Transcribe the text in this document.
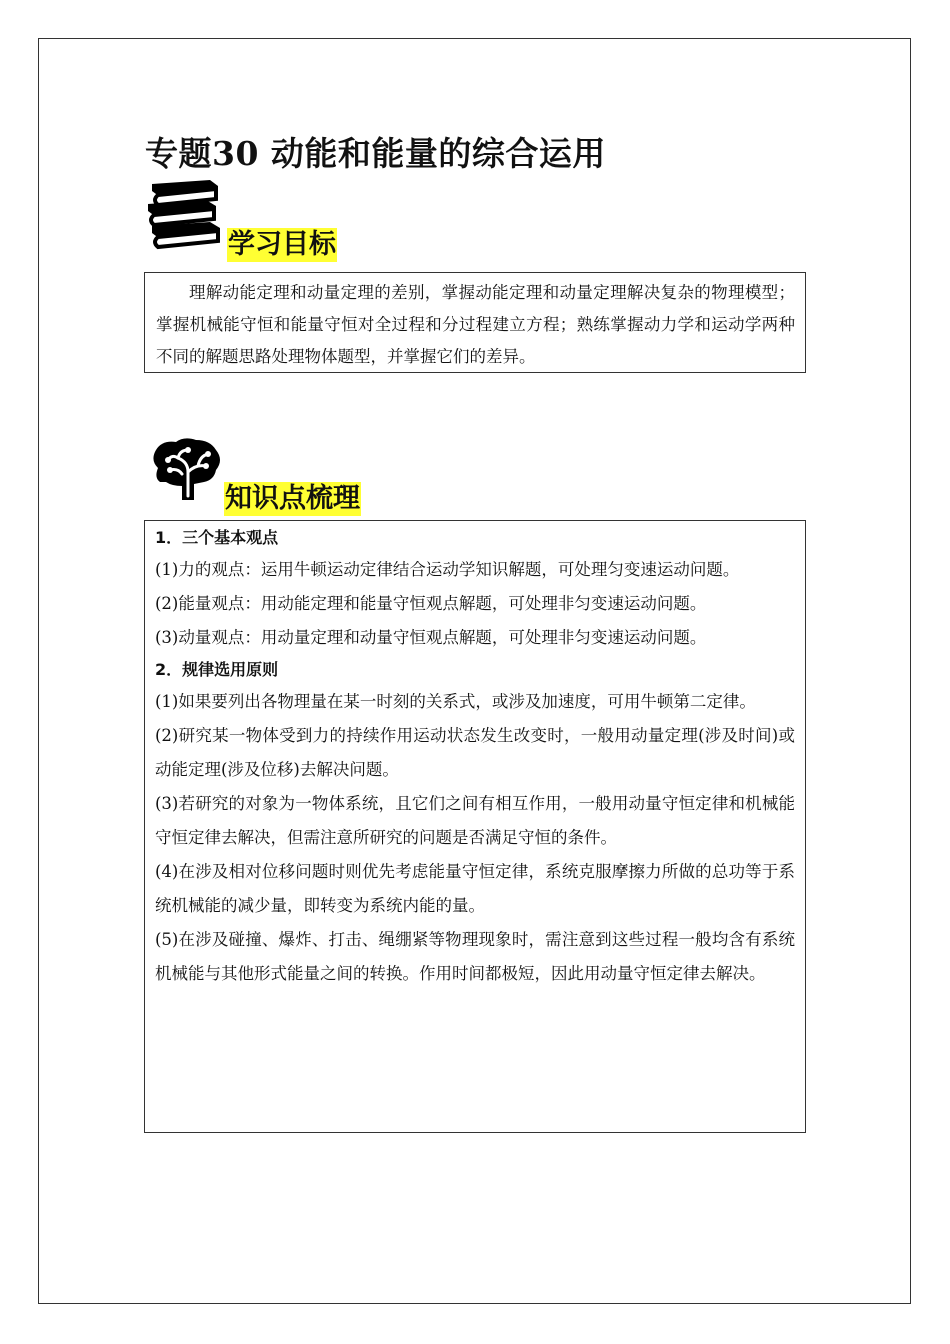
专题30 动能和能量的综合运用
学习目标

理解动能定理和动量定理的差别，掌握动能定理和动量定理解决复杂的物理模型；掌握机械能守恒和能量守恒对全过程和分过程建立方程；熟练掌握动力学和运动学两种不同的解题思路处理物体题型，并掌握它们的差异。

知识点梳理

1．三个基本观点

(1)力的观点：运用牛顿运动定律结合运动学知识解题，可处理匀变速运动问题。

(2)能量观点：用动能定理和能量守恒观点解题，可处理非匀变速运动问题。

(3)动量观点：用动量定理和动量守恒观点解题，可处理非匀变速运动问题。

2．规律选用原则

(1)如果要列出各物理量在某一时刻的关系式，或涉及加速度，可用牛顿第二定律。

(2)研究某一物体受到力的持续作用运动状态发生改变时，一般用动量定理(涉及时间)或动能定理(涉及位移)去解决问题。

(3)若研究的对象为一物体系统，且它们之间有相互作用，一般用动量守恒定律和机械能守恒定律去解决，但需注意所研究的问题是否满足守恒的条件。

(4)在涉及相对位移问题时则优先考虑能量守恒定律，系统克服摩擦力所做的总功等于系统机械能的减少量，即转变为系统内能的量。

(5)在涉及碰撞、爆炸、打击、绳绷紧等物理现象时，需注意到这些过程一般均含有系统机械能与其他形式能量之间的转换。作用时间都极短，因此用动量守恒定律去解决。
